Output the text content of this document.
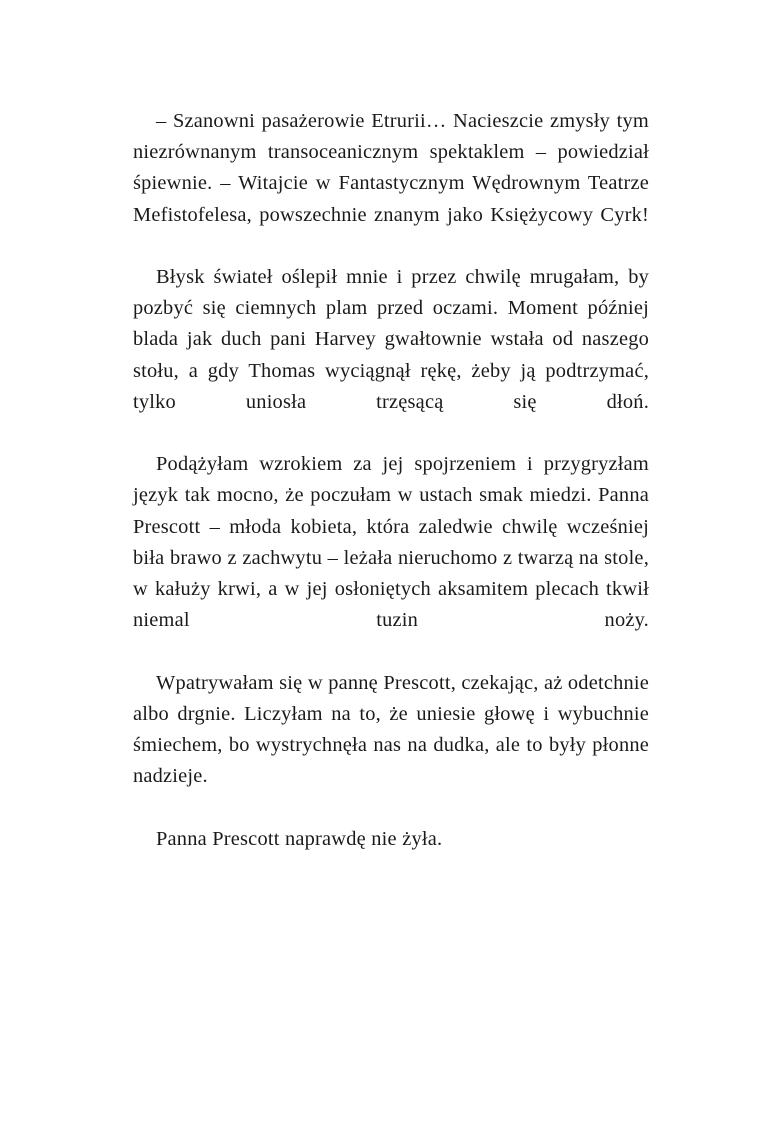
– Szanowni pasażerowie Etrurii… Nacieszcie zmysły tym niezrównanym transoceanicznym spektaklem – powiedział śpiewnie. – Witajcie w Fantastycznym Wędrownym Teatrze Mefistofelesa, powszechnie znanym jako Księżycowy Cyrk!

Błysk świateł oślepił mnie i przez chwilę mrugałam, by pozbyć się ciemnych plam przed oczami. Moment później blada jak duch pani Harvey gwałtownie wstała od naszego stołu, a gdy Thomas wyciągnął rękę, żeby ją podtrzymać, tylko uniosła trzęsącą się dłoń.

Podążyłam wzrokiem za jej spojrzeniem i przygryzłam język tak mocno, że poczułam w ustach smak miedzi. Panna Prescott – młoda kobieta, która zaledwie chwilę wcześniej biła brawo z zachwytu – leżała nieruchomo z twarzą na stole, w kałuży krwi, a w jej osłoniętych aksamitem plecach tkwił niemal tuzin noży.

Wpatrywałam się w pannę Prescott, czekając, aż odetchnie albo drgnie. Liczyłam na to, że uniesie głowę i wybuchnie śmiechem, bo wystrychnęła nas na dudka, ale to były płonne nadzieje.

Panna Prescott naprawdę nie żyła.
